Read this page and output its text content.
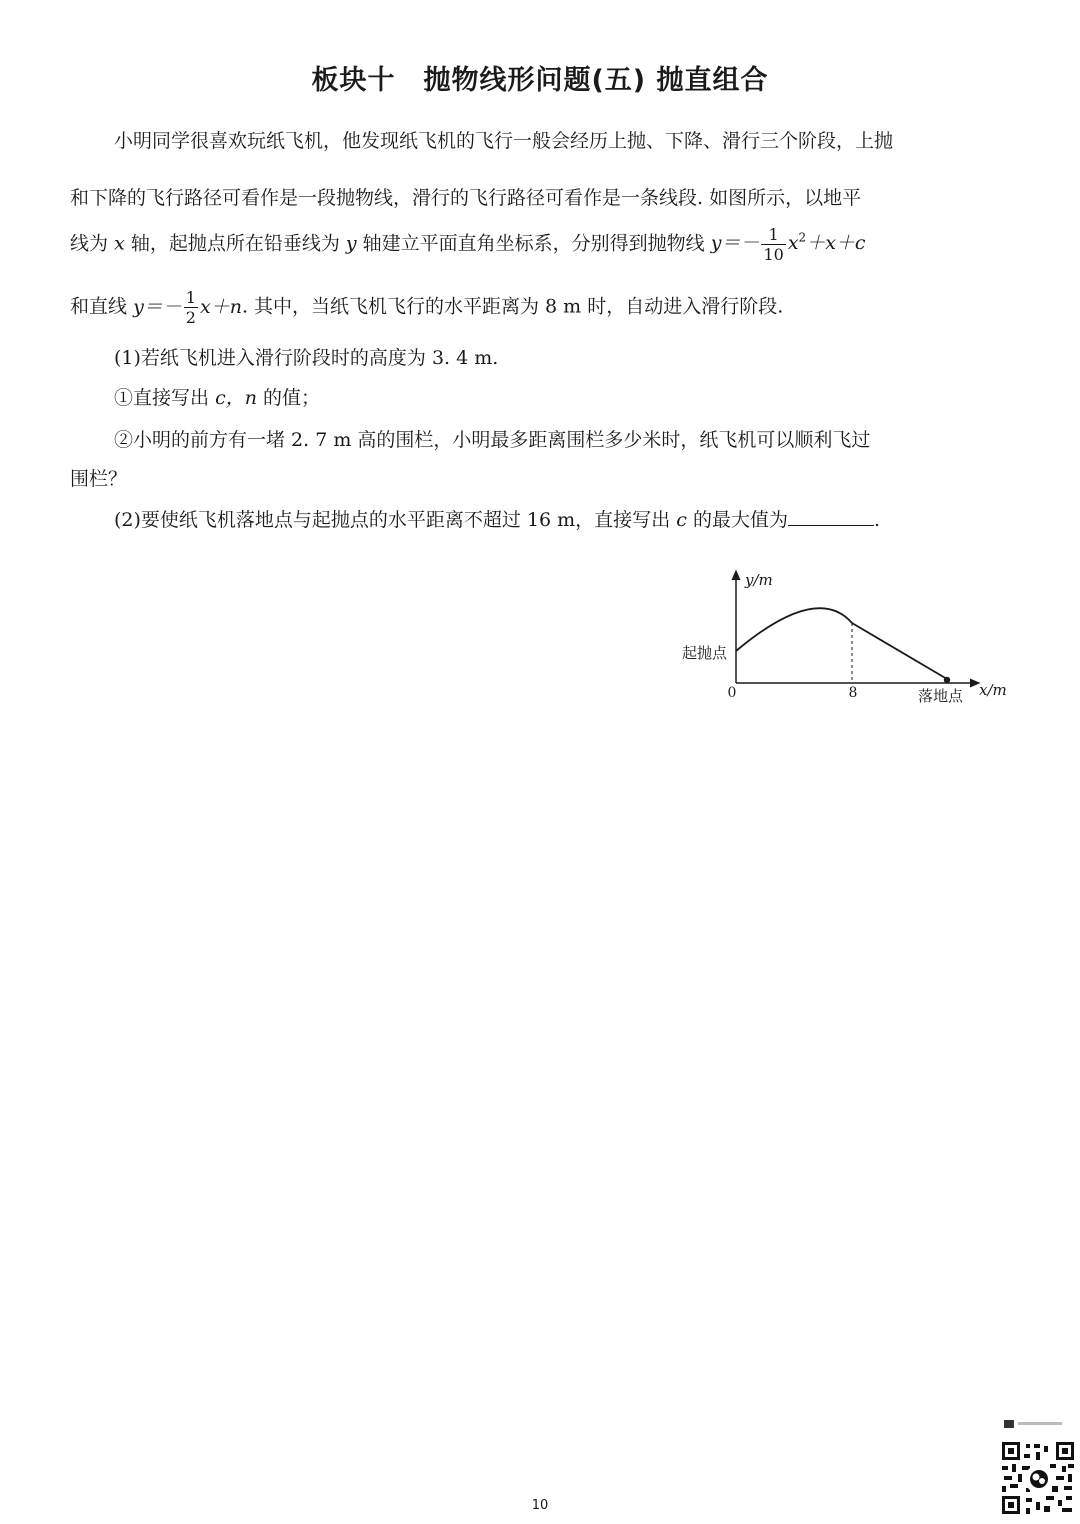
板块十 抛物线形问题(五) 抛直组合
小明同学很喜欢玩纸飞机，他发现纸飞机的飞行一般会经历上抛、下降、滑行三个阶段，上抛
和下降的飞行路径可看作是一段抛物线，滑行的飞行路径可看作是一条线段. 如图所示，以地平
线为 x 轴，起抛点所在铅垂线为 y 轴建立平面直角坐标系，分别得到抛物线 $y=- \frac{1}{10} x^2+x+c$
和直线 $y=- \frac{1}{2} x+n$. 其中，当纸飞机飞行的水平距离为 8 m 时，自动进入滑行阶段.
(1)若纸飞机进入滑行阶段时的高度为 3. 4 m.
①直接写出 c，n 的值；
②小明的前方有一堵 2. 7 m 高的围栏，小明最多距离围栏多少米时，纸飞机可以顺利飞过
围栏？
(2)要使纸飞机落地点与起抛点的水平距离不超过 16 m，直接写出 c 的最大值为	.
y/m
x/m
0	8
起抛点
落地点
10
